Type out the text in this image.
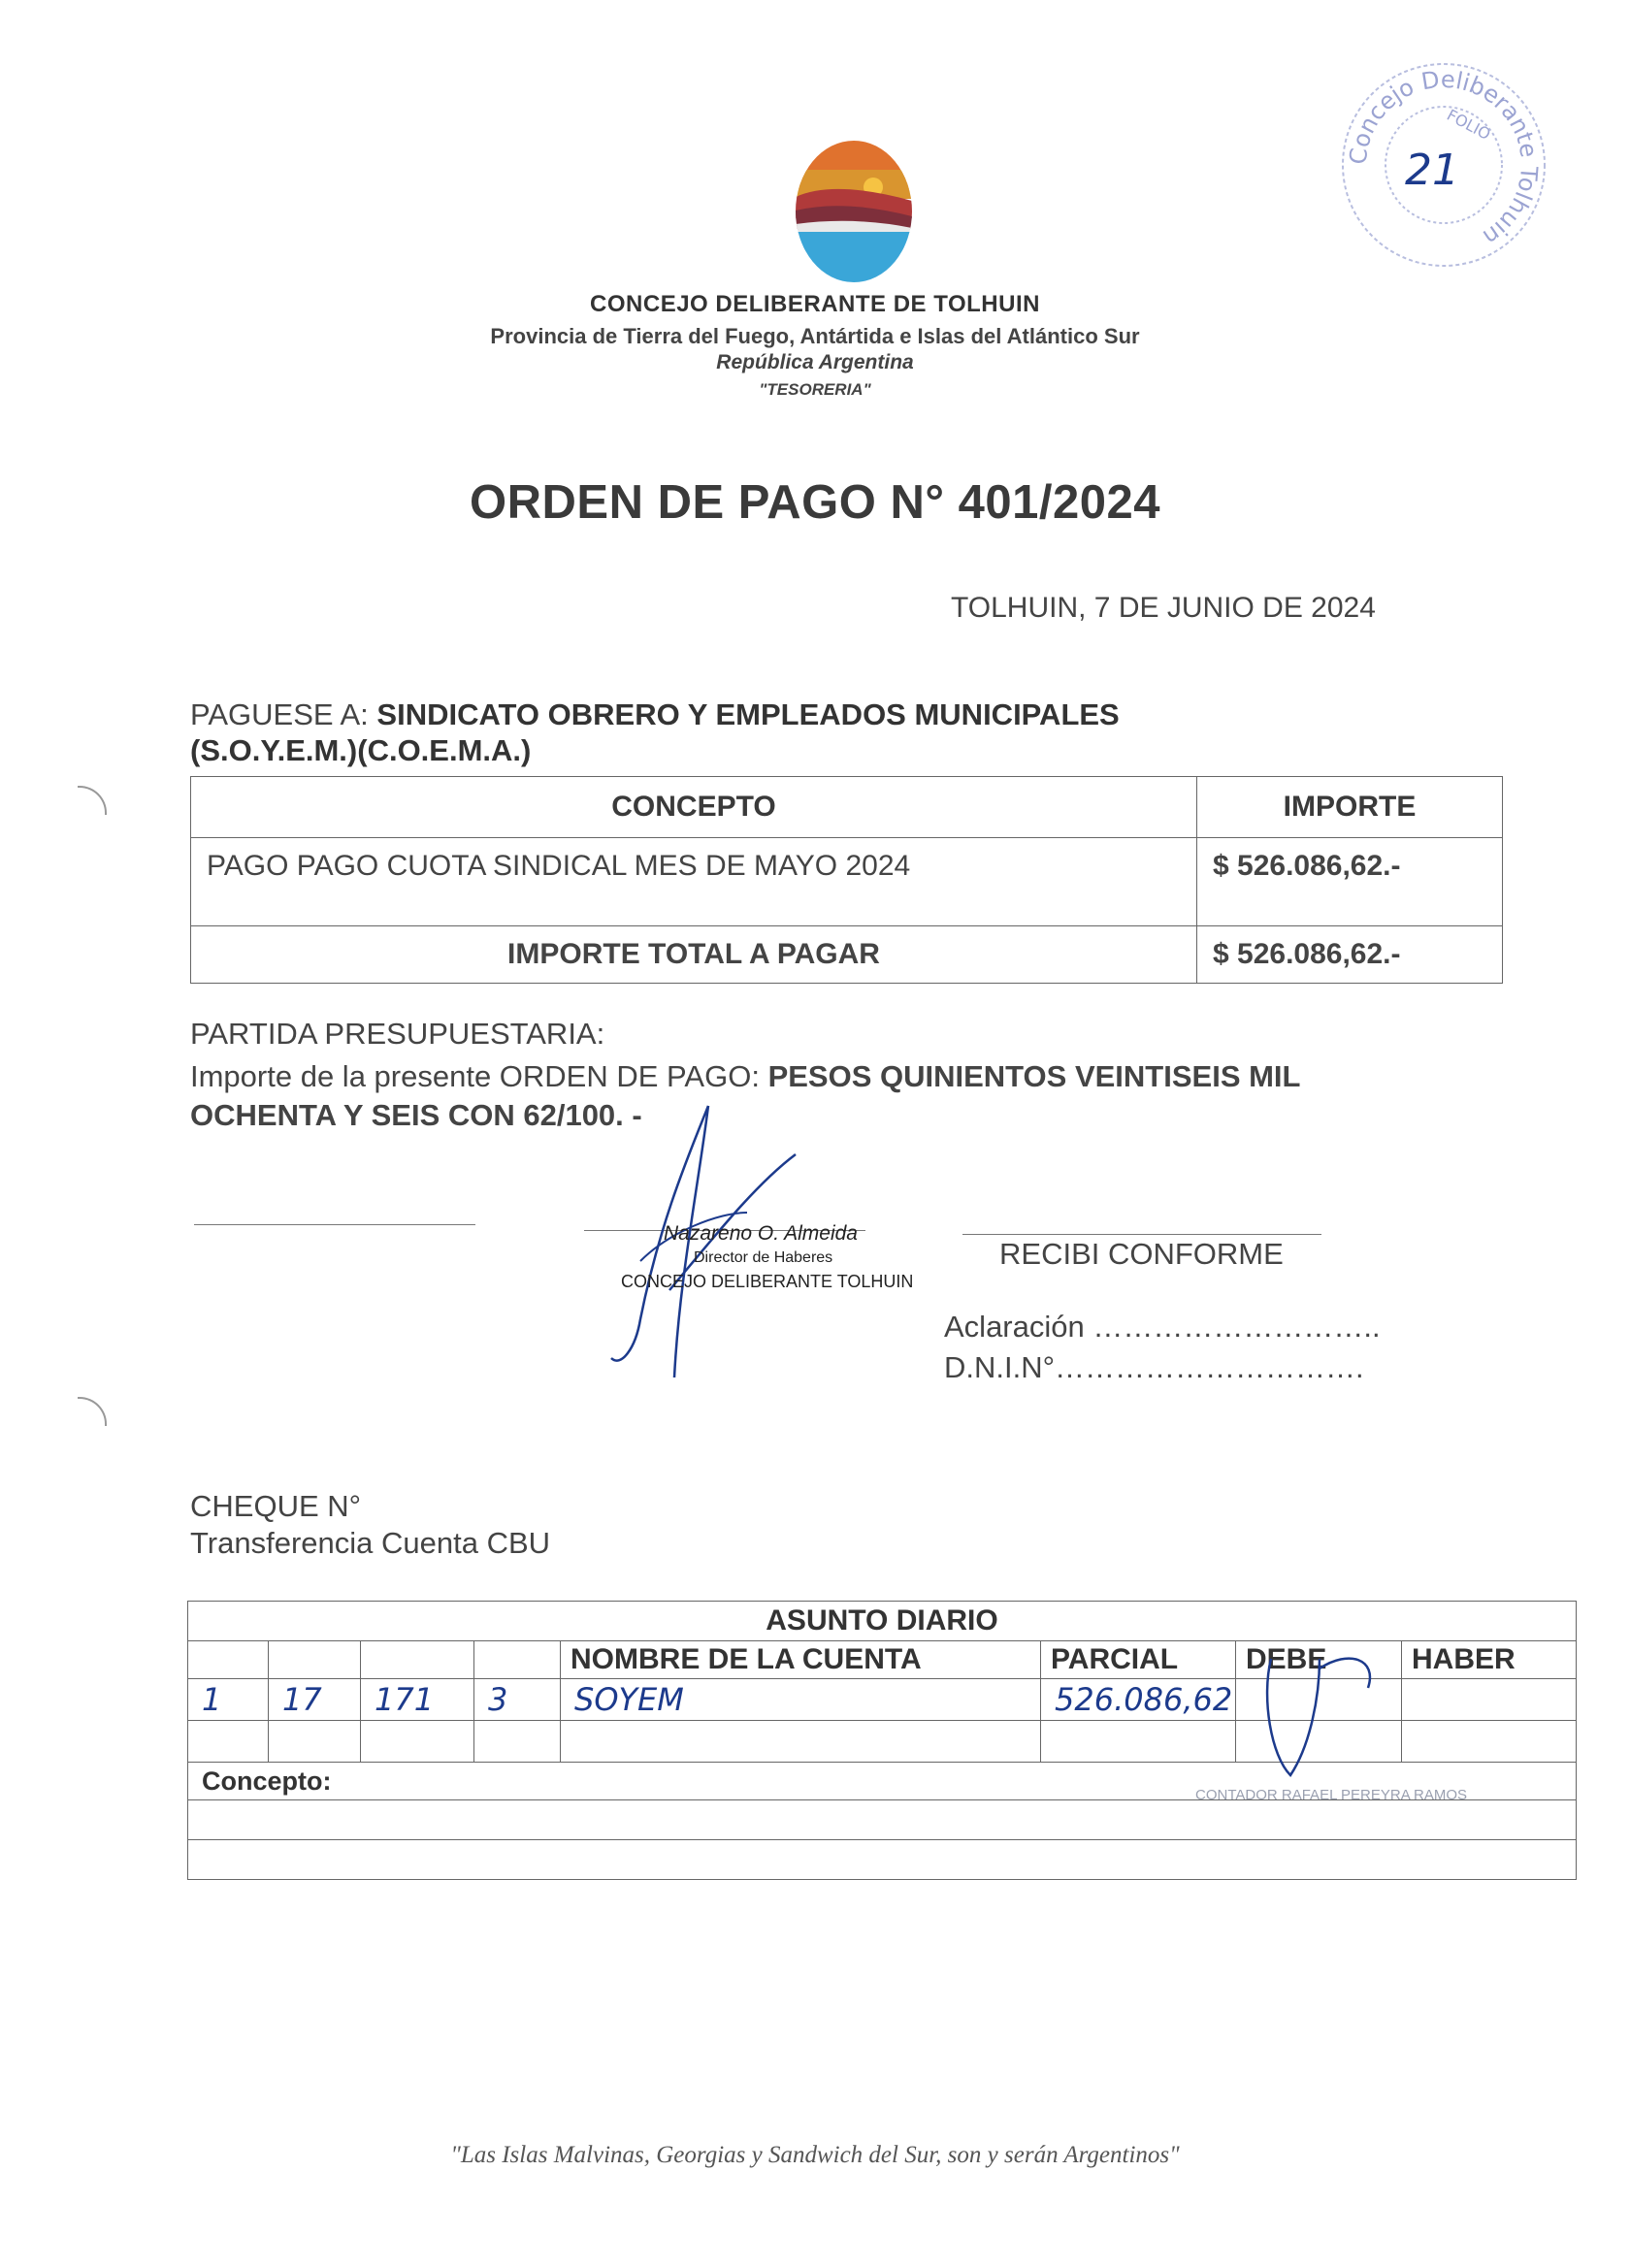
CONCEJO DELIBERANTE DE TOLHUIN
Provincia de Tierra del Fuego, Antártida e Islas del Atlántico Sur
República Argentina
"TESORERIA"
Concejo Deliberante Tolhuin
FOLIO
21
ORDEN DE PAGO N° 401/2024
TOLHUIN, 7 DE JUNIO DE 2024
PAGUESE A: SINDICATO OBRERO Y EMPLEADOS MUNICIPALES (S.O.Y.E.M.)(C.O.E.M.A.)
CONCEPTO	IMPORTE
PAGO PAGO CUOTA SINDICAL MES DE MAYO 2024	$ 526.086,62.-
IMPORTE TOTAL A PAGAR	$ 526.086,62.-
PARTIDA PRESUPUESTARIA:
Importe de la presente ORDEN DE PAGO: PESOS QUINIENTOS VEINTISEIS MIL OCHENTA Y SEIS CON 62/100. -
Nazareno O. Almeida
Director de Haberes
CONCEJO DELIBERANTE TOLHUIN
RECIBI CONFORME
Aclaración ………………………..
D.N.I.N°………………………….
CHEQUE N°
Transferencia Cuenta CBU
ASUNTO DIARIO							
				NOMBRE DE LA CUENTA	PARCIAL	DEBE	HABER
1	17	171	3	SOYEM	526.086,62		

Concepto:								CONTADOR RAFAEL PEREYRA RAMOS
"Las Islas Malvinas, Georgias y Sandwich del Sur, son y serán Argentinos"
